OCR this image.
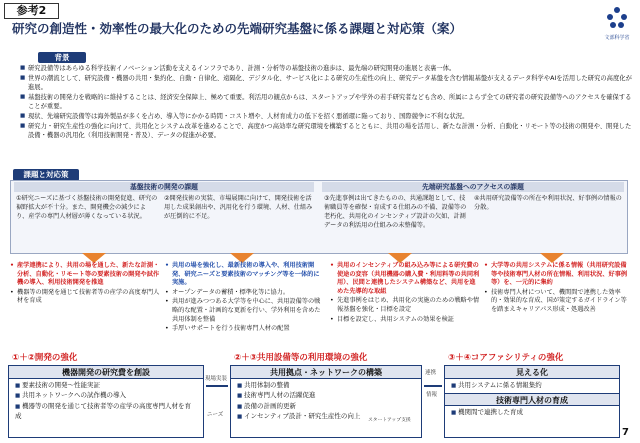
参考2
研究の創造性・効率性の最大化のための先端研究基盤に係る課題と対応策（案）
文部科学省
背景
■ 研究設備等はあらゆる科学技術イノベーション活動を支えるインフラであり、計測・分析等の基盤技術の進歩は、最先端の研究開発の進展と表裏一体。
■ 世界の潮流として、研究設備・機器の共用・集約化、自動・自律化、遠隔化、デジタル化、サービス化による研究の生産性の向上、研究データ基盤を含む情報基盤が支えるデータ科学やAIを活用した研究の高度化が進展。
■ 基盤技術の開発力を戦略的に維持することは、経済安全保障上、極めて重要。利活用の観点からは、スタートアップや学外の若手研究者なども含め、所属によらず全ての研究者の研究設備等へのアクセスを確保することが重要。
■ 現状、先端研究設備等は海外製品が多くを占め、導入等にかかる時間・コスト増や、人材育成力の低下を招く悪循環に陥っており、国際競争に不利な状況。
■ 研究力・研究生産性の強化に向けて、共用化とシステム改革を進めることで、高度かつ高効率な研究環境を構築するとともに、共用の場を活用し、新たな計測・分析、自動化・リモート等の技術の開発や、開発した設備・機器の汎用化（利用技術開発・普及）、データの促進が必要。
課題と対応策
基盤技術の開発の課題	先端研究基盤へのアクセスの課題
①研究ニーズに基づく基盤技術の開発促進、研究の裾野拡大が不十分。また、開発機会の減少により、産学の専門人材層が薄くなっている状況。
②開発技術の実装、市場展開に向けて、開発技術を活用した成果創出や、汎用化を行う環境、人材、仕組みが圧倒的に不足。
③先進事例は出てきたものの、共通課題として、技術職員等を確保・育成する仕組みの不備、設備等の老朽化、共用化のインセンティブ設計の欠如、計測データの利活用の仕組みの未整備等。
④共用研究設備等の所在や利用状況、好事例の情報の分散。
• 産学連携により、共用の場を通した、新たな計測・分析、自動化・リモート等の要素技術の開発や試作機の導入、利用技術開発を推進
• 機器等の開発を通じて技術者等の産学の高度専門人材を育成
• 共用の場を強化し、最新技術の導入や、利用技術開発、研究ニーズと要素技術のマッチング等を一体的に実施。
• オープンデータの蓄積・標準化等に協力。
• 共用が進みつつある大学等を中心に、共用設備等の戦略的な配置・計画的な更新を行い、学外利用を含めた共用体制を整備
• 手厚いサポートを行う技術専門人材の配置
• 共用のインセンティブの組み込み等による研究費の使途の変容（共用機器の購入費・利用料等の共同利用）、民間と連携したシステム構築など、共用を進めた先導的な取組
• 先進事例をはじめ、共用化の実施のための戦略や情報基盤を強化・目標を設定
• 目標を設定し、共用システムの効果を検証
• 大学等の共用システムに係る情報（共用研究設備等や技術専門人材の所在情報、利用状況、好事例等）を、一元的に集約
• 技術専門人材について、機関間で連携した効率的・効果的な育成、国が策定するガイドライン等を踏まえキャリアパス形成・処遇改善
①＋②開発の強化
機器開発の研究費を創設
■ 要素技術の開発～性能実証
■ 共用ネットワークへの試作機の導入
■ 機器等の開発を通じて技術者等の産学の高度専門人材を育成
現場実装
ニーズ
②＋③共用設備等の利用環境の強化
共用拠点・ネットワークの構築
■ 共用体制の整備
■ 技術専門人材の活躍促進
■ 設備の計画的更新
■ インセンティブ設計・研究生産性の向上
スタートアップ支援
連携
情報
③＋④コアファシリティの強化
見える化
■ 共用システムに係る情報集約
技術専門人材の育成
■ 機関間で連携した育成
7
